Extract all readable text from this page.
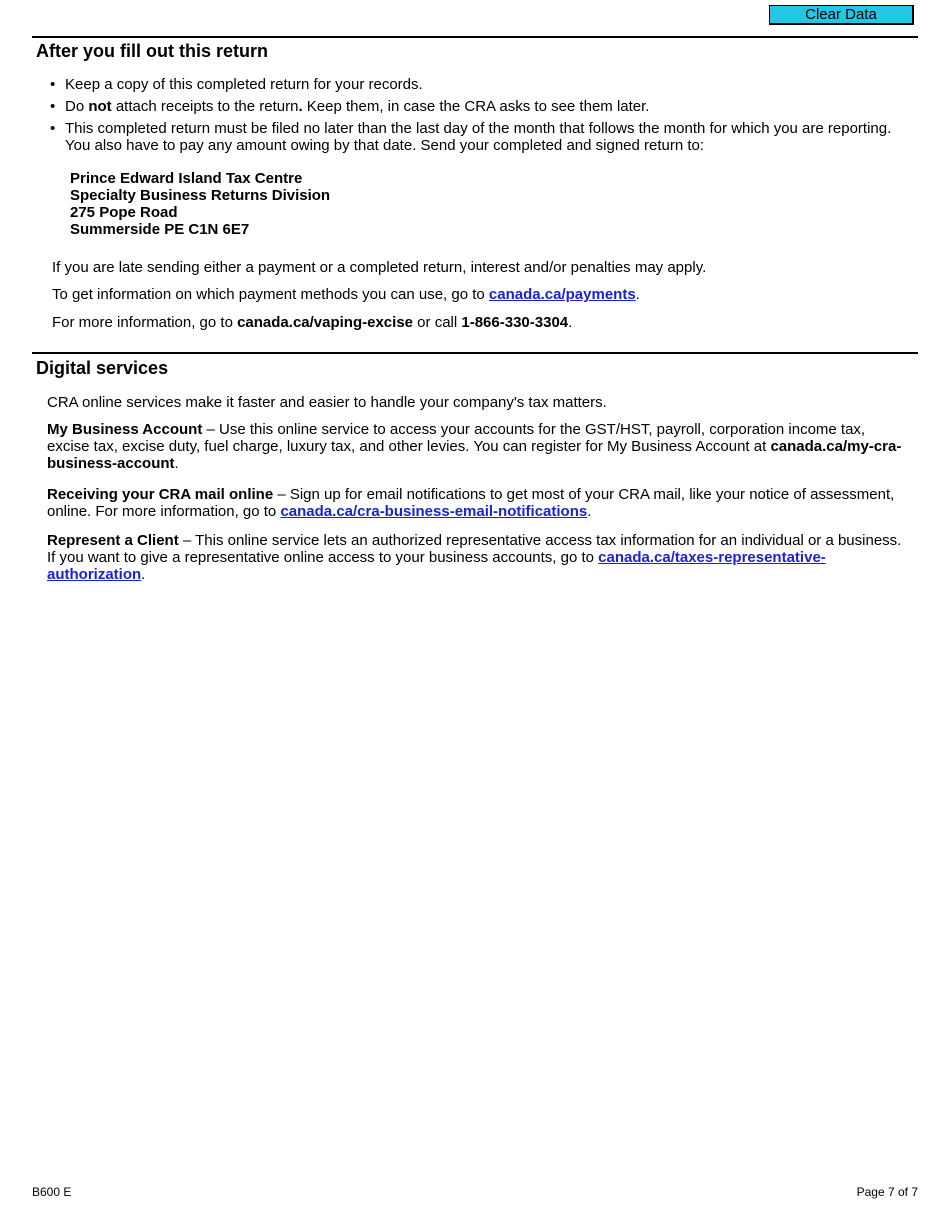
Clear Data
After you fill out this return
• Keep a copy of this completed return for your records.
• Do not attach receipts to the return. Keep them, in case the CRA asks to see them later.
• This completed return must be filed no later than the last day of the month that follows the month for which you are reporting. You also have to pay any amount owing by that date. Send your completed and signed return to:
Prince Edward Island Tax Centre
Specialty Business Returns Division
275 Pope Road
Summerside PE C1N 6E7

If you are late sending either a payment or a completed return, interest and/or penalties may apply.

To get information on which payment methods you can use, go to canada.ca/payments.

For more information, go to canada.ca/vaping-excise or call 1-866-330-3304.

Digital services

CRA online services make it faster and easier to handle your company's tax matters.

My Business Account – Use this online service to access your accounts for the GST/HST, payroll, corporation income tax, excise tax, excise duty, fuel charge, luxury tax, and other levies. You can register for My Business Account at canada.ca/my-cra-business-account.

Receiving your CRA mail online – Sign up for email notifications to get most of your CRA mail, like your notice of assessment, online. For more information, go to canada.ca/cra-business-email-notifications.

Represent a Client – This online service lets an authorized representative access tax information for an individual or a business. If you want to give a representative online access to your business accounts, go to canada.ca/taxes-representative-authorization.

B600 E	Page 7 of 7
